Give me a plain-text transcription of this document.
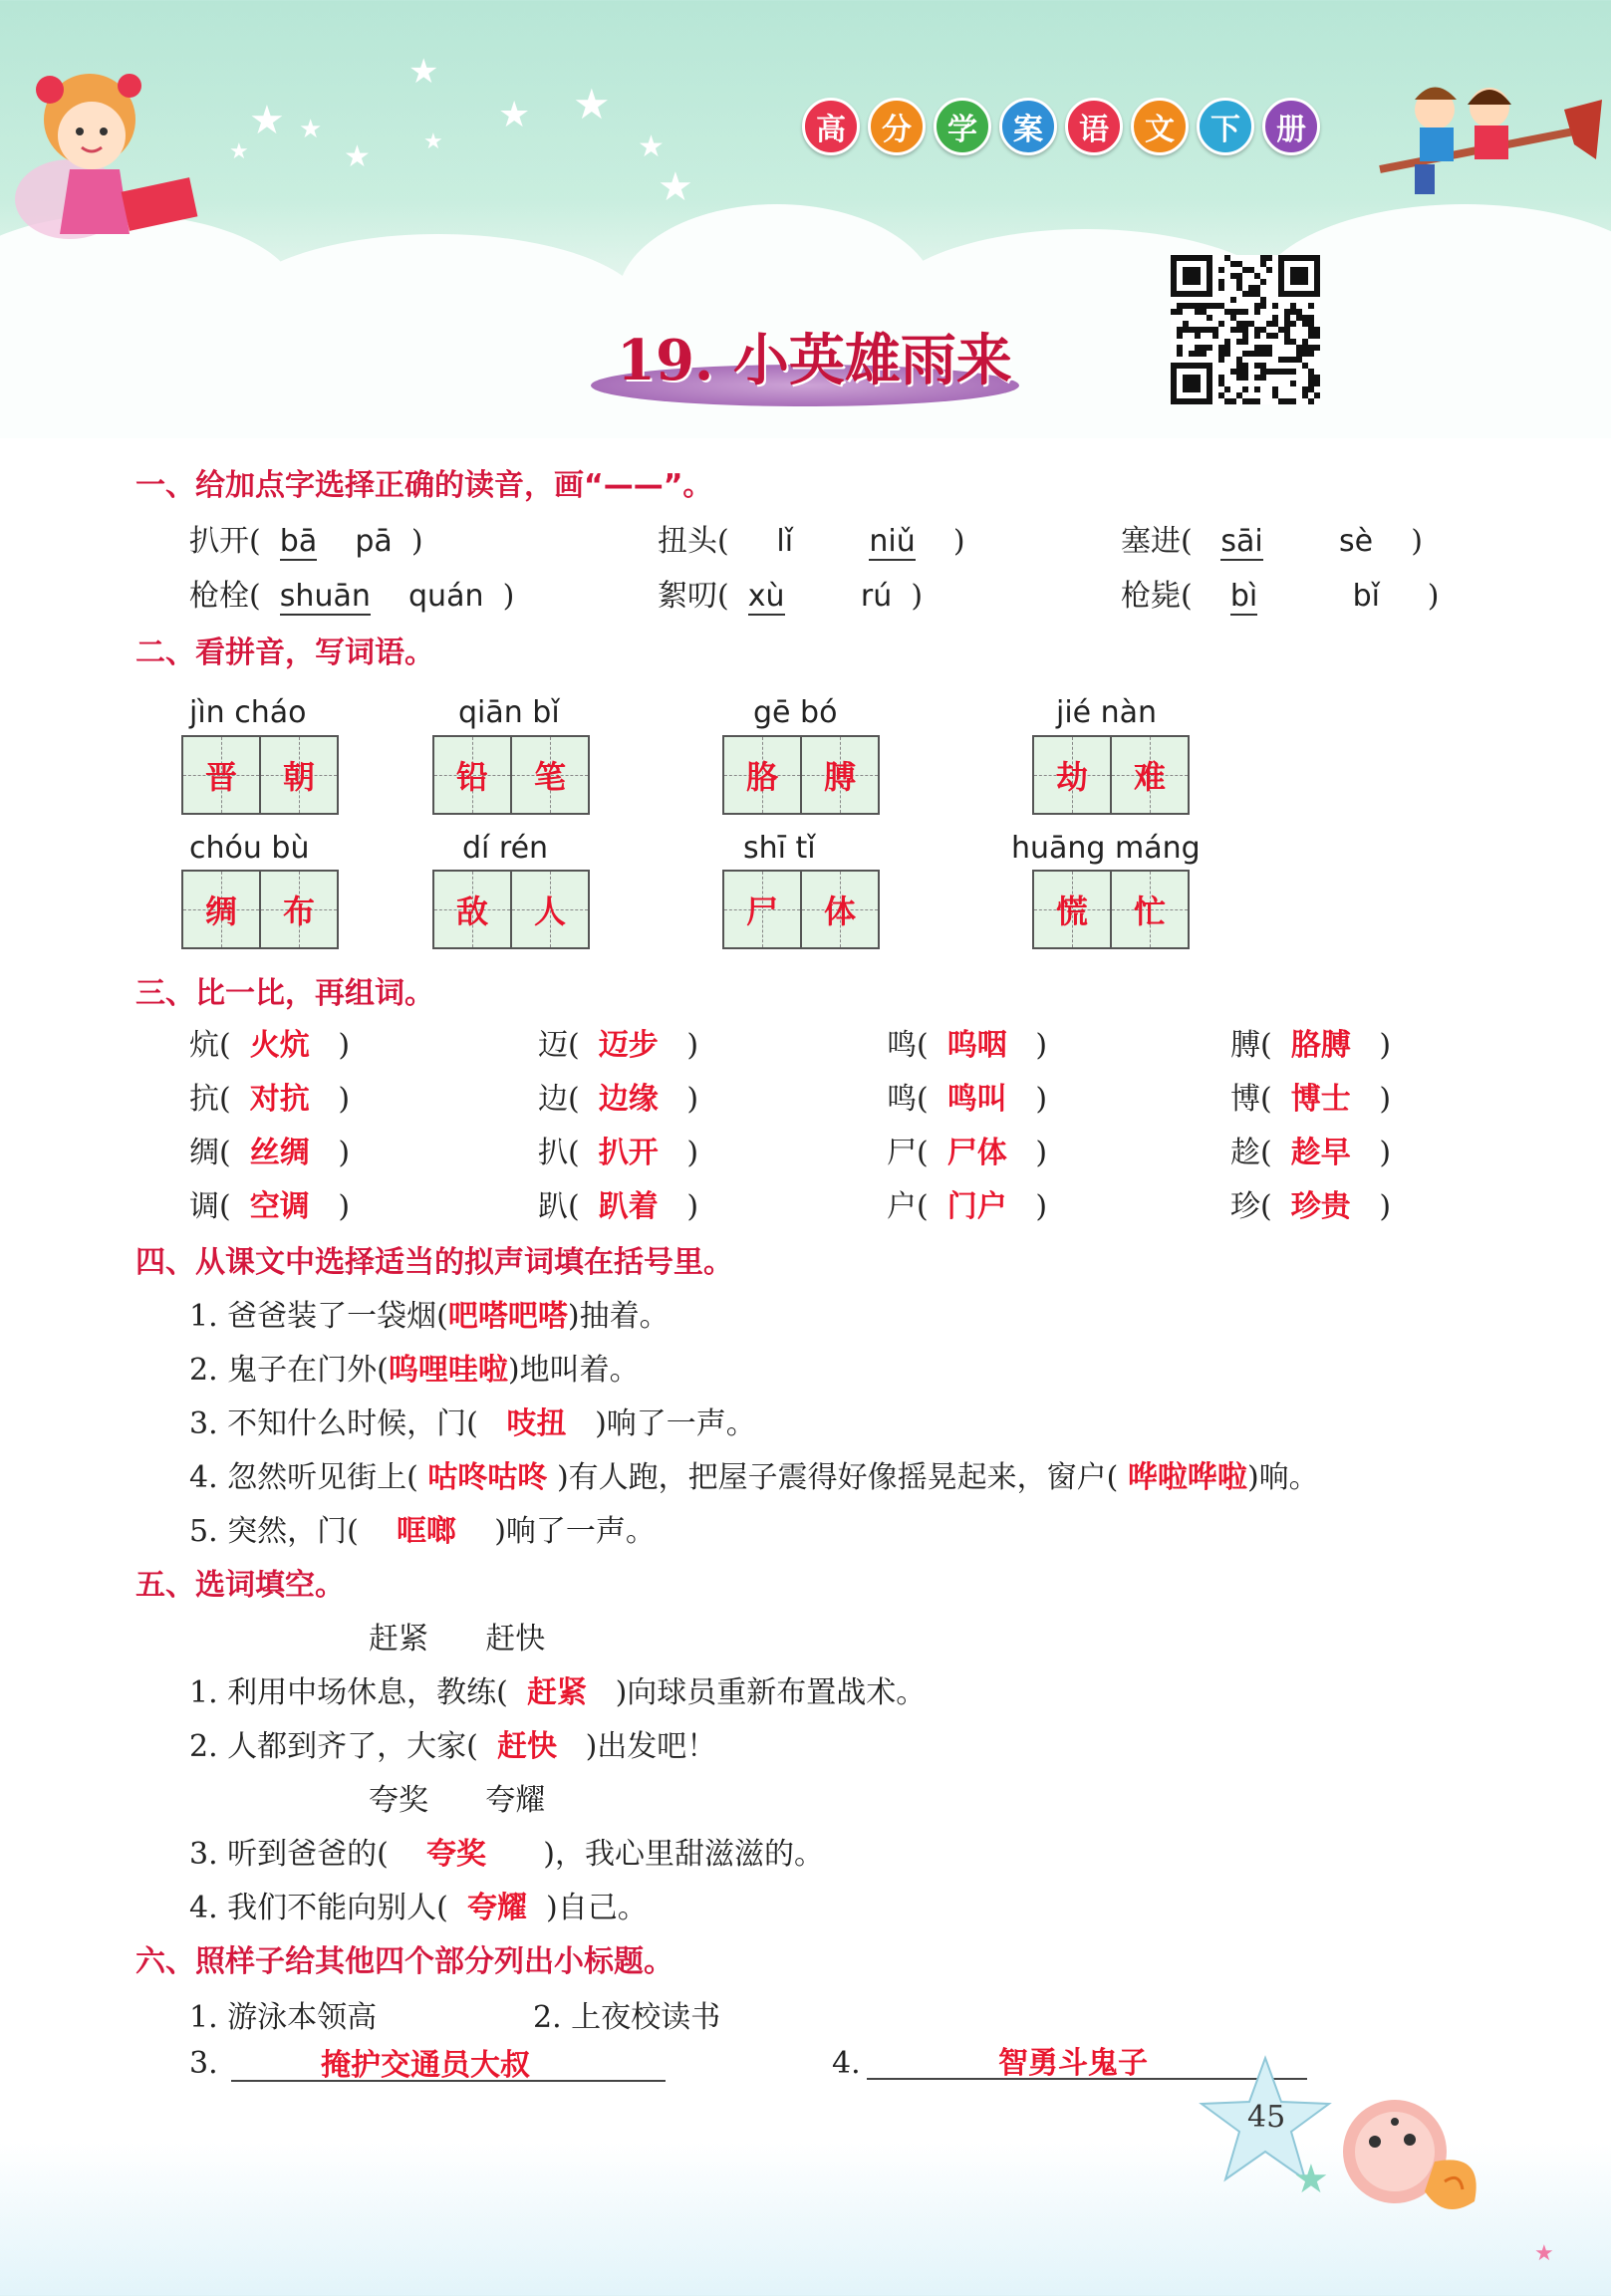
★
★ ★
★ ★
★ ★
★
★
★
高	分	学	案	语	文	下	册
19. 小英雄雨来
一、给加点字选择正确的读音，画“——”。
扒开( bā pā )	扭头( lǐ	niǔ )	塞进( sāi	sè )
枪栓( shuān quán )	絮叨( xù	rú )	枪毙( bì	bǐ )
二、看拼音，写词语。
jìn cháo
晋 朝
qiān bǐ
铅 笔
gē bó
胳 膊
jié nàn
劫 难
chóu bù
绸 布
dí rén
敌 人
shī tǐ
尸 体
huāng máng
慌 忙
三、比一比，再组词。
炕(  火炕   )	迈(  迈步   )	鸣(  呜咽   )	膊(  胳膊   )
抗(  对抗   )	边(  边缘   )	鸣(  鸣叫   )	博(  博士   )
绸(  丝绸   )	扒(  扒开   )	尸(  尸体   )	趁(  趁早   )
调(  空调   )	趴(  趴着   )	户(  门户   )	珍(  珍贵   )
四、从课文中选择适当的拟声词填在括号里。
1. 爸爸装了一袋烟(吧嗒吧嗒)抽着。
2. 鬼子在门外(呜哩哇啦)地叫着。
3. 不知什么时候，门( 吱扭 )响了一声。
4. 忽然听见街上( 咕咚咕咚 )有人跑，把屋子震得好像摇晃起来，窗户( 哗啦哗啦)响。
5. 突然，门( 哐啷 )响了一声。
五、选词填空。
赶紧 赶快
1. 利用中场休息，教练( 赶紧 )向球员重新布置战术。
2. 人都到齐了，大家( 赶快 )出发吧！
夸奖 夸耀
3. 听到爸爸的( 夸奖 )，我心里甜滋滋的。
4. 我们不能向别人( 夸耀 )自己。
六、照样子给其他四个部分列出小标题。
1. 游泳本领高	2. 上夜校读书
3.	掩护交通员大叔	4.	智勇斗鬼子
45
★
★
